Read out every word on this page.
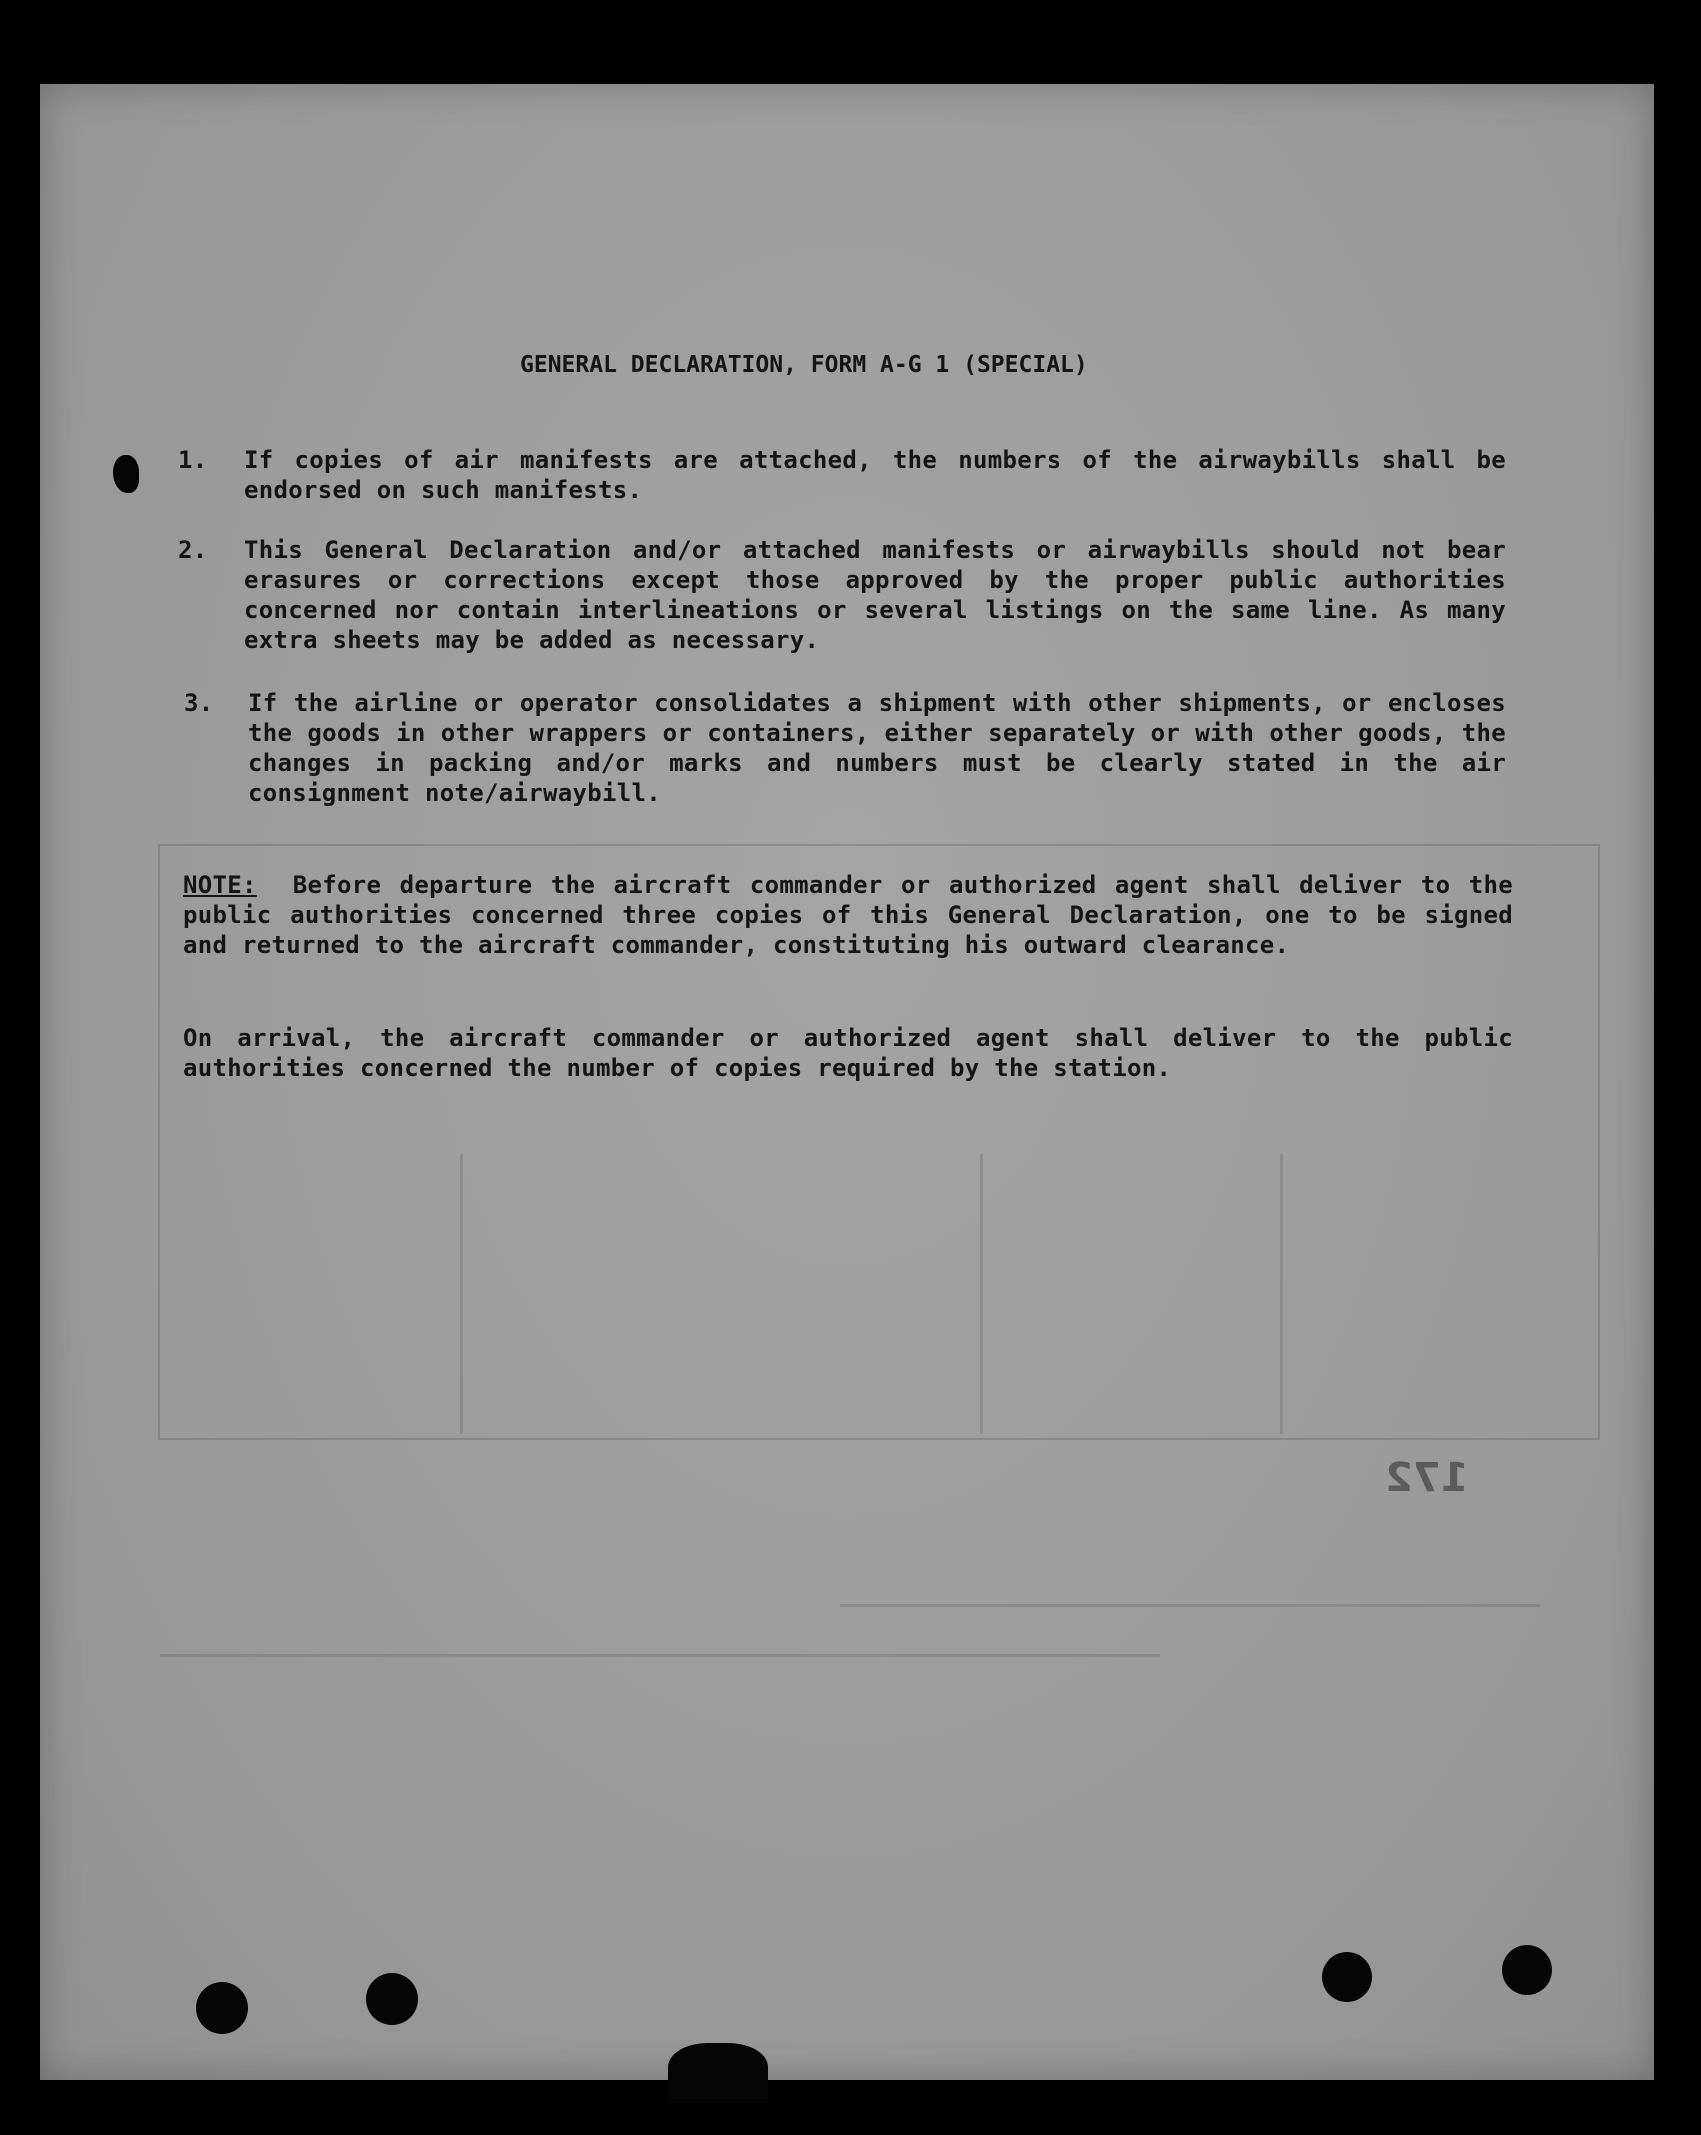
GENERAL DECLARATION, FORM A-G 1 (SPECIAL)
1.	If copies of air manifests are attached, the numbers of the airwaybills shall be endorsed on such manifests.
2.	This General Declaration and/or attached manifests or airwaybills should not bear erasures or corrections except those approved by the proper public authorities concerned nor contain interlineations or several listings on the same line. As many extra sheets may be added as necessary.
3.	If the airline or operator consolidates a shipment with other shipments, or encloses the goods in other wrappers or containers, either separately or with other goods, the changes in packing and/or marks and numbers must be clearly stated in the air consignment note/airwaybill.
NOTE: Before departure the aircraft commander or authorized agent shall deliver to the public authorities concerned three copies of this General Declaration, one to be signed and returned to the aircraft commander, constituting his outward clearance.
On arrival, the aircraft commander or authorized agent shall deliver to the public authorities concerned the number of copies required by the station.
172
